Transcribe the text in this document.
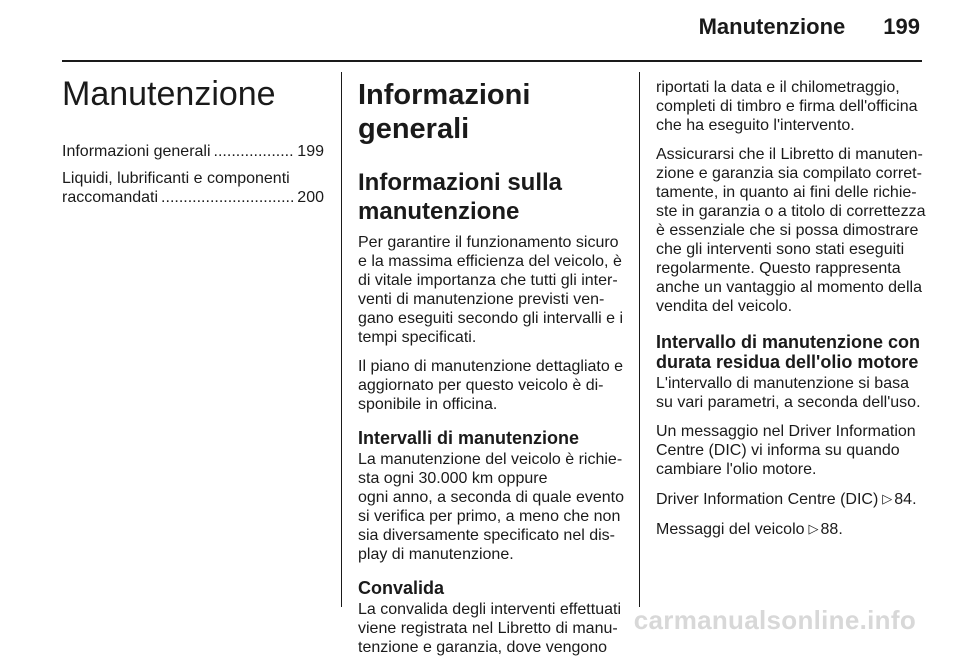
Manutenzione 199
Manutenzione
Informazioni generali .....	199
Liquidi, lubrificanti e componenti
raccomandati .....	200
Informazioni generali
Informazioni sulla
manutenzione

Per garantire il funzionamento sicuro
e la massima efficienza del veicolo, è
di vitale importanza che tutti gli inter-
venti di manutenzione previsti ven-
gano eseguiti secondo gli intervalli e i
tempi specificati.

Il piano di manutenzione dettagliato e
aggiornato per questo veicolo è di-
sponibile in officina.

Intervalli di manutenzione

La manutenzione del veicolo è richie-
sta ogni 30.000 km oppure
ogni anno, a seconda di quale evento
si verifica per primo, a meno che non
sia diversamente specificato nel dis-
play di manutenzione.

Convalida

La convalida degli interventi effettuati
viene registrata nel Libretto di manu-
tenzione e garanzia, dove vengono

riportati la data e il chilometraggio,
completi di timbro e firma dell'officina
che ha eseguito l'intervento.

Assicurarsi che il Libretto di manuten-
zione e garanzia sia compilato corret-
tamente, in quanto ai fini delle richie-
ste in garanzia o a titolo di correttezza
è essenziale che si possa dimostrare
che gli interventi sono stati eseguiti
regolarmente. Questo rappresenta
anche un vantaggio al momento della
vendita del veicolo.

Intervallo di manutenzione con
durata residua dell'olio motore

L'intervallo di manutenzione si basa
su vari parametri, a seconda dell'uso.

Un messaggio nel Driver Information
Centre (DIC) vi informa su quando
cambiare l'olio motore.

Driver Information Centre (DIC) ▷ 84.

Messaggi del veicolo ▷ 88.

carmanualsonline.info
